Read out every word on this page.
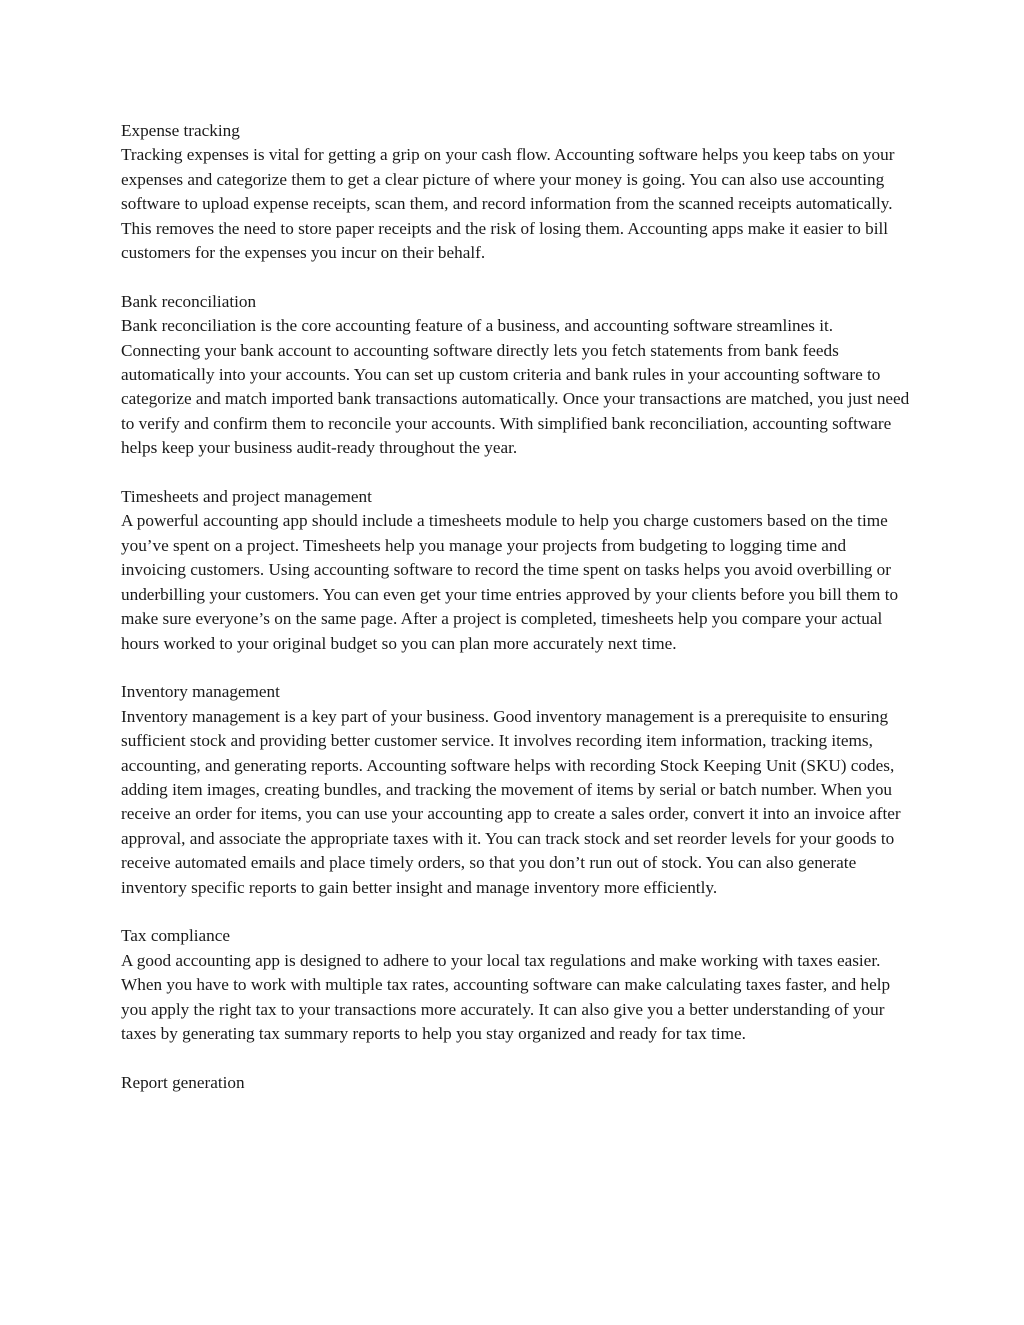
Expense tracking

Tracking expenses is vital for getting a grip on your cash flow. Accounting software helps you keep tabs on your expenses and categorize them to get a clear picture of where your money is going. You can also use accounting software to upload expense receipts, scan them, and record information from the scanned receipts automatically. This removes the need to store paper receipts and the risk of losing them. Accounting apps make it easier to bill customers for the expenses you incur on their behalf.

Bank reconciliation

Bank reconciliation is the core accounting feature of a business, and accounting software streamlines it. Connecting your bank account to accounting software directly lets you fetch statements from bank feeds automatically into your accounts. You can set up custom criteria and bank rules in your accounting software to categorize and match imported bank transactions automatically. Once your transactions are matched, you just need to verify and confirm them to reconcile your accounts. With simplified bank reconciliation, accounting software helps keep your business audit-ready throughout the year.

Timesheets and project management

A powerful accounting app should include a timesheets module to help you charge customers based on the time you’ve spent on a project. Timesheets help you manage your projects from budgeting to logging time and invoicing customers. Using accounting software to record the time spent on tasks helps you avoid overbilling or underbilling your customers. You can even get your time entries approved by your clients before you bill them to make sure everyone’s on the same page. After a project is completed, timesheets help you compare your actual hours worked to your original budget so you can plan more accurately next time.

Inventory management

Inventory management is a key part of your business. Good inventory management is a prerequisite to ensuring sufficient stock and providing better customer service. It involves recording item information, tracking items, accounting, and generating reports. Accounting software helps with recording Stock Keeping Unit (SKU) codes, adding item images, creating bundles, and tracking the movement of items by serial or batch number. When you receive an order for items, you can use your accounting app to create a sales order, convert it into an invoice after approval, and associate the appropriate taxes with it. You can track stock and set reorder levels for your goods to receive automated emails and place timely orders, so that you don’t run out of stock. You can also generate inventory specific reports to gain better insight and manage inventory more efficiently.

Tax compliance

A good accounting app is designed to adhere to your local tax regulations and make working with taxes easier. When you have to work with multiple tax rates, accounting software can make calculating taxes faster, and help you apply the right tax to your transactions more accurately. It can also give you a better understanding of your taxes by generating tax summary reports to help you stay organized and ready for tax time.

Report generation
